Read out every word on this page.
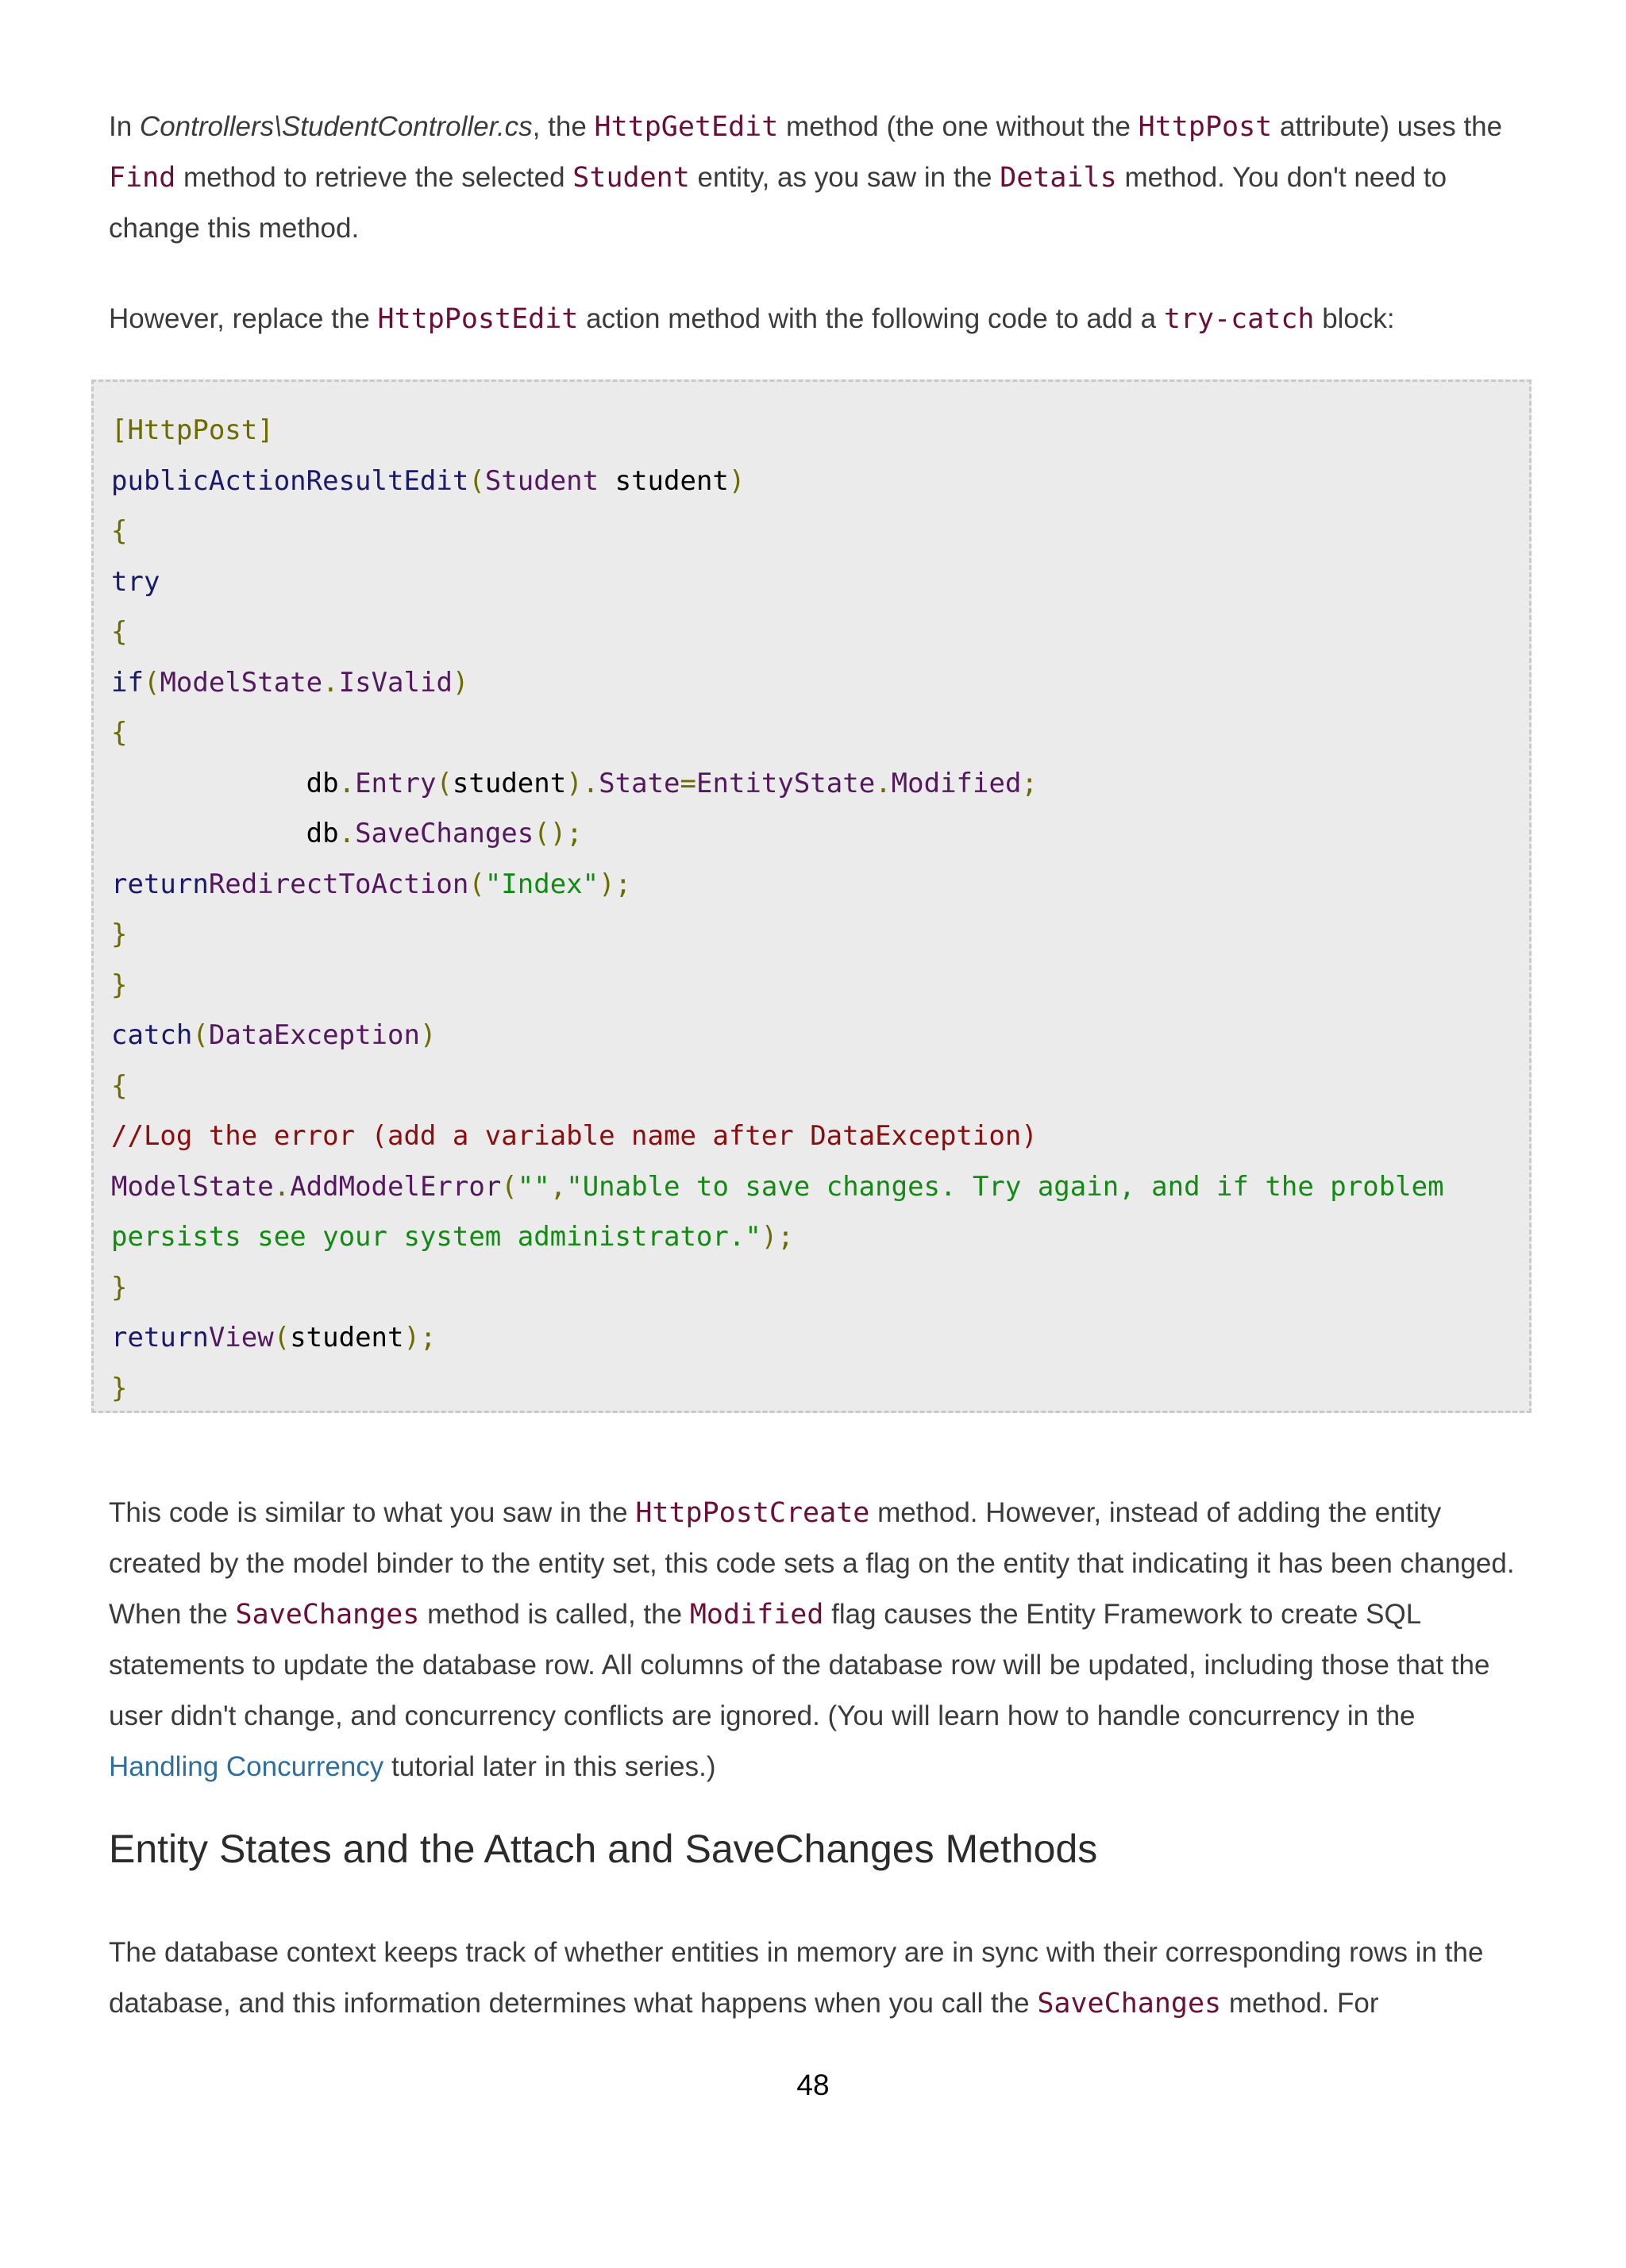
In Controllers\StudentController.cs, the HttpGetEdit method (the one without the HttpPost attribute) uses the Find method to retrieve the selected Student entity, as you saw in the Details method. You don't need to change this method.

However, replace the HttpPostEdit action method with the following code to add a try-catch block:

[HttpPost]
publicActionResultEdit(Student student)
{
try
{
if(ModelState.IsValid)
{
db.Entry(student).State=EntityState.Modified;
db.SaveChanges();
returnRedirectToAction("Index");
}
}
catch(DataException)
{
//Log the error (add a variable name after DataException)
ModelState.AddModelError("","Unable to save changes. Try again, and if the problem
persists see your system administrator.");
}
returnView(student);
}

This code is similar to what you saw in the HttpPostCreate method. However, instead of adding the entity created by the model binder to the entity set, this code sets a flag on the entity that indicating it has been changed. When the SaveChanges method is called, the Modified flag causes the Entity Framework to create SQL statements to update the database row. All columns of the database row will be updated, including those that the user didn't change, and concurrency conflicts are ignored. (You will learn how to handle concurrency in the Handling Concurrency tutorial later in this series.)

Entity States and the Attach and SaveChanges Methods

The database context keeps track of whether entities in memory are in sync with their corresponding rows in the database, and this information determines what happens when you call the SaveChanges method. For

48
